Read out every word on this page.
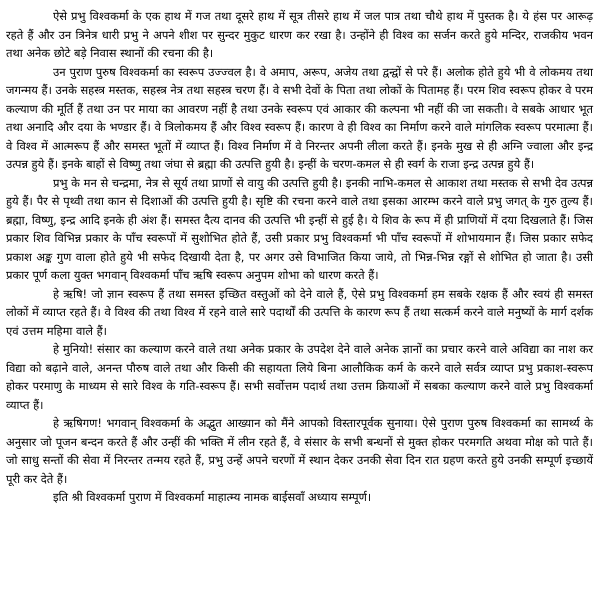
ऐसे प्रभु विश्वकर्मा के एक हाथ में गज तथा दूसरे हाथ में सूत्र तीसरे हाथ में जल पात्र तथा चौथे हाथ में पुस्तक है। ये हंस पर आरूढ़ रहते हैं और उन त्रिनेत्र धारी प्रभु ने अपने शीश पर सुन्दर मुकुट धारण कर रखा है। उन्होंने ही विश्व का सर्जन करते हुये मन्दिर, राजकीय भवन तथा अनेक छोटे बड़े निवास स्थानों की रचना की है।

उन पुराण पुरुष विश्वकर्मा का स्वरूप उज्ज्वल है। वे अमाप, अरूप, अजेय तथा द्वन्द्वों से परे हैं। अलोक होते हुये भी वे लोकमय तथा जगन्मय हैं। उनके सहस्त्र मस्तक, सहस्त्र नेत्र तथा सहस्त्र चरण हैं। वे सभी देवों के पिता तथा लोकों के पितामह हैं। परम शिव स्वरूप होकर वे परम कल्याण की मूर्ति हैं तथा उन पर माया का आवरण नहीं है तथा उनके स्वरूप एवं आकार की कल्पना भी नहीं की जा सकती। वे सबके आधार भूत तथा अनादि और दया के भण्डार हैं। वे त्रिलोकमय हैं और विश्व स्वरूप हैं। कारण वे ही विश्व का निर्माण करने वाले मांगलिक स्वरूप परमात्मा हैं। वे विश्व में आत्मरूप हैं और समस्त भूतों में व्याप्त हैं। विश्व निर्माण में वे निरन्तर अपनी लीला करते हैं। इनके मुख से ही अग्नि ज्वाला और इन्द्र उत्पन्न हुये हैं। इनके बाहों से विष्णु तथा जंघा से ब्रह्मा की उत्पत्ति हुयी है। इन्हीं के चरण-कमल से ही स्वर्ग के राजा इन्द्र उत्पन्न हुये हैं।

प्रभु के मन से चन्द्रमा, नेत्र से सूर्य तथा प्राणों से वायु की उत्पत्ति हुयी है। इनकी नाभि-कमल से आकाश तथा मस्तक से सभी देव उत्पन्न हुये हैं। पैर से पृथ्वी तथा कान से दिशाओं की उत्पत्ति हुयी है। सृष्टि की रचना करने वाले तथा इसका आरम्भ करने वाले प्रभु जगत् के गुरु तुल्य हैं। ब्रह्मा, विष्णु, इन्द्र आदि इनके ही अंश हैं। समस्त दैत्य दानव की उत्पत्ति भी इन्हीं से हुई है। ये शिव के रूप में ही प्राणियों में दया दिखलाते हैं। जिस प्रकार शिव विभिन्न प्रकार के पाँच स्वरूपों में सुशोभित होते हैं, उसी प्रकार प्रभु विश्वकर्मा भी पाँच स्वरूपों में शोभायमान हैं। जिस प्रकार सफेद प्रकाश अङ्क गुण वाला होते हुये भी सफेद दिखायी देता है, पर अगर उसे विभाजित किया जाये, तो भिन्न-भिन्न रङ्गों से शोभित हो जाता है। उसी प्रकार पूर्ण कला युक्त भगवान् विश्वकर्मा पाँच ऋषि स्वरूप अनुपम शोभा को धारण करते हैं।

हे ऋषि! जो ज्ञान स्वरूप हैं तथा समस्त इच्छित वस्तुओं को देने वाले हैं, ऐसे प्रभु विश्वकर्मा हम सबके रक्षक हैं और स्वयं ही समस्त लोकों में व्याप्त रहते हैं। वे विश्व की तथा विश्व में रहने वाले सारे पदार्थों की उत्पत्ति के कारण रूप हैं तथा सत्कर्म करने वाले मनुष्यों के मार्ग दर्शक एवं उत्तम महिमा वाले हैं।

हे मुनियो! संसार का कल्याण करने वाले तथा अनेक प्रकार के उपदेश देने वाले अनेक ज्ञानों का प्रचार करने वाले अविद्या का नाश कर विद्या को बढ़ाने वाले, अनन्त पौरुष वाले तथा और किसी की सहायता लिये बिना आलौकिक कर्म के करने वाले सर्वत्र व्याप्त प्रभु प्रकाश-स्वरूप होकर परमाणु के माध्यम से सारे विश्व के गति-स्वरूप हैं। सभी सर्वोत्तम पदार्थ तथा उत्तम क्रियाओं में सबका कल्याण करने वाले प्रभु विश्वकर्मा व्याप्त हैं।

हे ऋषिगण! भगवान् विश्वकर्मा के अद्भुत आख्यान को मैंने आपको विस्तारपूर्वक सुनाया। ऐसे पुराण पुरुष विश्वकर्मा का सामर्थ्य के अनुसार जो पूजन बन्दन करते हैं और उन्हीं की भक्ति में लीन रहते हैं, वे संसार के सभी बन्धनों से मुक्त होकर परमगति अथवा मोक्ष को पाते हैं। जो साधु सन्तों की सेवा में निरन्तर तन्मय रहते हैं, प्रभु उन्हें अपने चरणों में स्थान देकर उनकी सेवा दिन रात ग्रहण करते हुये उनकी सम्पूर्ण इच्छायें पूरी कर देते हैं।

इति श्री विश्वकर्मा पुराण में विश्वकर्मा माहात्म्य नामक बाईसवाँ अध्याय सम्पूर्ण।
